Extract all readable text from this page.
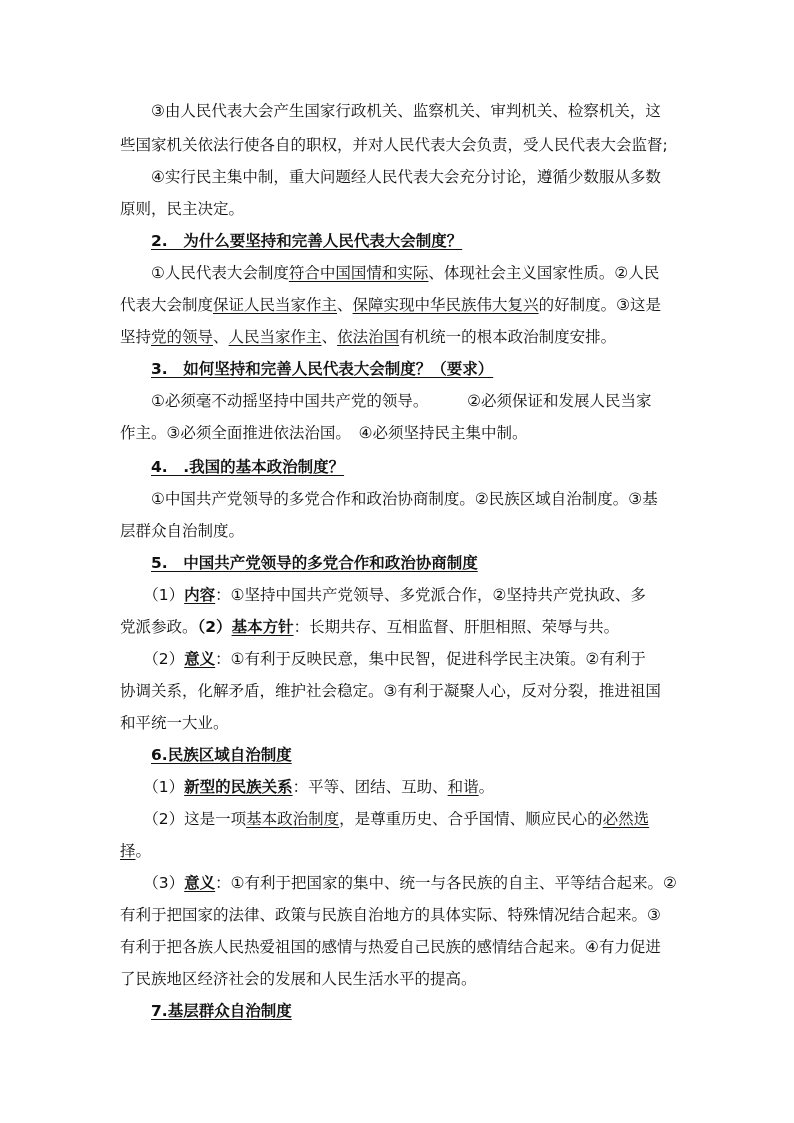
　　③由人民代表大会产生国家行政机关、监察机关、审判机关、检察机关，这
些国家机关依法行使各自的职权，并对人民代表大会负责，受人民代表大会监督;
　　④实行民主集中制，重大问题经人民代表大会充分讨论，遵循少数服从多数
原则，民主决定。
　　2.　为什么要坚持和完善人民代表大会制度？
　　①人民代表大会制度符合中国国情和实际、体现社会主义国家性质。②人民
代表大会制度保证人民当家作主、保障实现中华民族伟大复兴的好制度。③这是
坚持党的领导、人民当家作主、依法治国有机统一的根本政治制度安排。
　　3.　如何坚持和完善人民代表大会制度？（要求）
　　①必须毫不动摇坚持中国共产党的领导。　　　②必须保证和发展人民当家
作主。③必须全面推进依法治国。　④必须坚持民主集中制。
　　4.　.我国的基本政治制度？
　　①中国共产党领导的多党合作和政治协商制度。②民族区域自治制度。③基
层群众自治制度。
　　5.　中国共产党领导的多党合作和政治协商制度
　　（1）内容：①坚持中国共产党领导、多党派合作，②坚持共产党执政、多
党派参政。（2）基本方针：长期共存、互相监督、肝胆相照、荣辱与共。
　　（2）意义：①有利于反映民意，集中民智，促进科学民主决策。②有利于
协调关系，化解矛盾，维护社会稳定。③有利于凝聚人心，反对分裂，推进祖国
和平统一大业。
　　6.民族区域自治制度
　　（1）新型的民族关系：平等、团结、互助、和谐。
　　（2）这是一项基本政治制度，是尊重历史、合乎国情、顺应民心的必然选
择。
　　（3）意义：①有利于把国家的集中、统一与各民族的自主、平等结合起来。②
有利于把国家的法律、政策与民族自治地方的具体实际、特殊情况结合起来。③
有利于把各族人民热爱祖国的感情与热爱自己民族的感情结合起来。④有力促进
了民族地区经济社会的发展和人民生活水平的提高。
　　7.基层群众自治制度
